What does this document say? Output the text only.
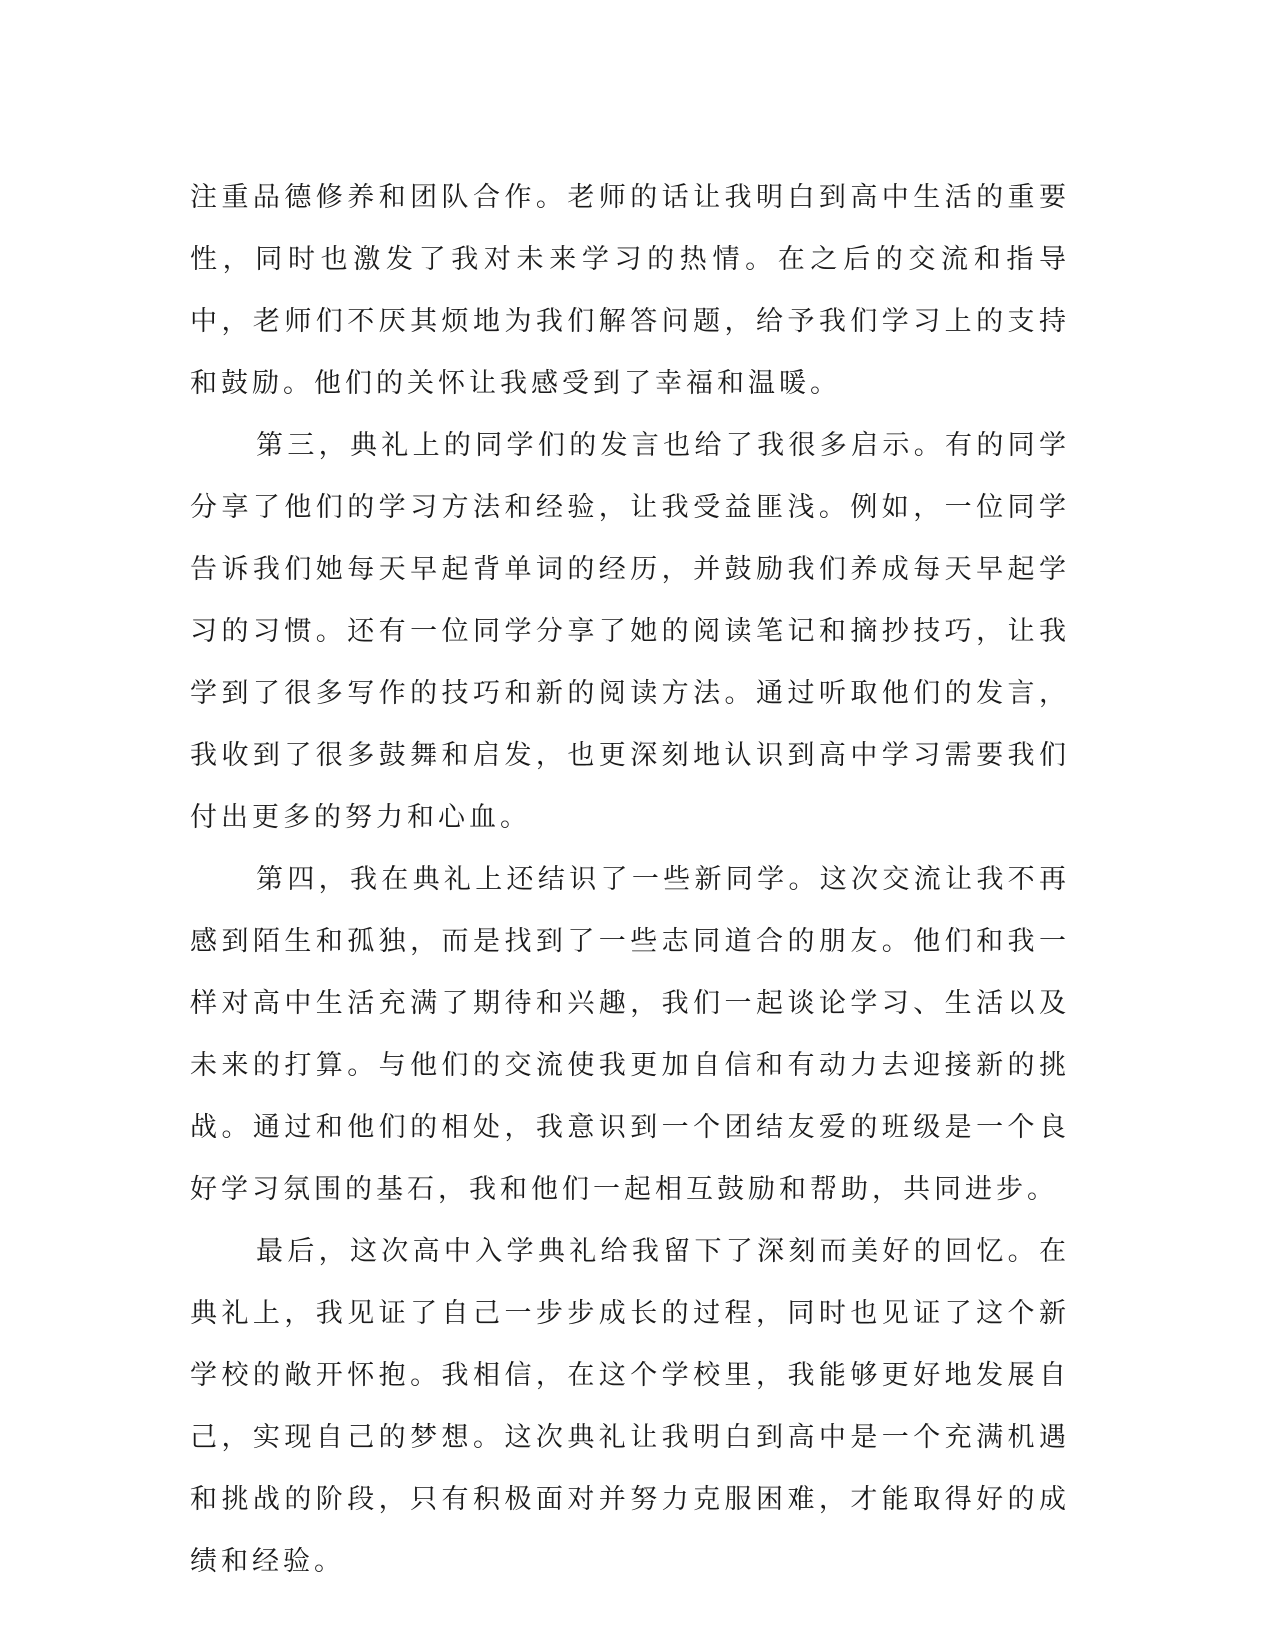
注重品德修养和团队合作。老师的话让我明白到高中生活的重要性，同时也激发了我对未来学习的热情。在之后的交流和指导中，老师们不厌其烦地为我们解答问题，给予我们学习上的支持和鼓励。他们的关怀让我感受到了幸福和温暖。

第三，典礼上的同学们的发言也给了我很多启示。有的同学分享了他们的学习方法和经验，让我受益匪浅。例如，一位同学告诉我们她每天早起背单词的经历，并鼓励我们养成每天早起学习的习惯。还有一位同学分享了她的阅读笔记和摘抄技巧，让我学到了很多写作的技巧和新的阅读方法。通过听取他们的发言，我收到了很多鼓舞和启发，也更深刻地认识到高中学习需要我们付出更多的努力和心血。

第四，我在典礼上还结识了一些新同学。这次交流让我不再感到陌生和孤独，而是找到了一些志同道合的朋友。他们和我一样对高中生活充满了期待和兴趣，我们一起谈论学习、生活以及未来的打算。与他们的交流使我更加自信和有动力去迎接新的挑战。通过和他们的相处，我意识到一个团结友爱的班级是一个良好学习氛围的基石，我和他们一起相互鼓励和帮助，共同进步。

最后，这次高中入学典礼给我留下了深刻而美好的回忆。在典礼上，我见证了自己一步步成长的过程，同时也见证了这个新学校的敞开怀抱。我相信，在这个学校里，我能够更好地发展自己，实现自己的梦想。这次典礼让我明白到高中是一个充满机遇和挑战的阶段，只有积极面对并努力克服困难，才能取得好的成绩和经验。
